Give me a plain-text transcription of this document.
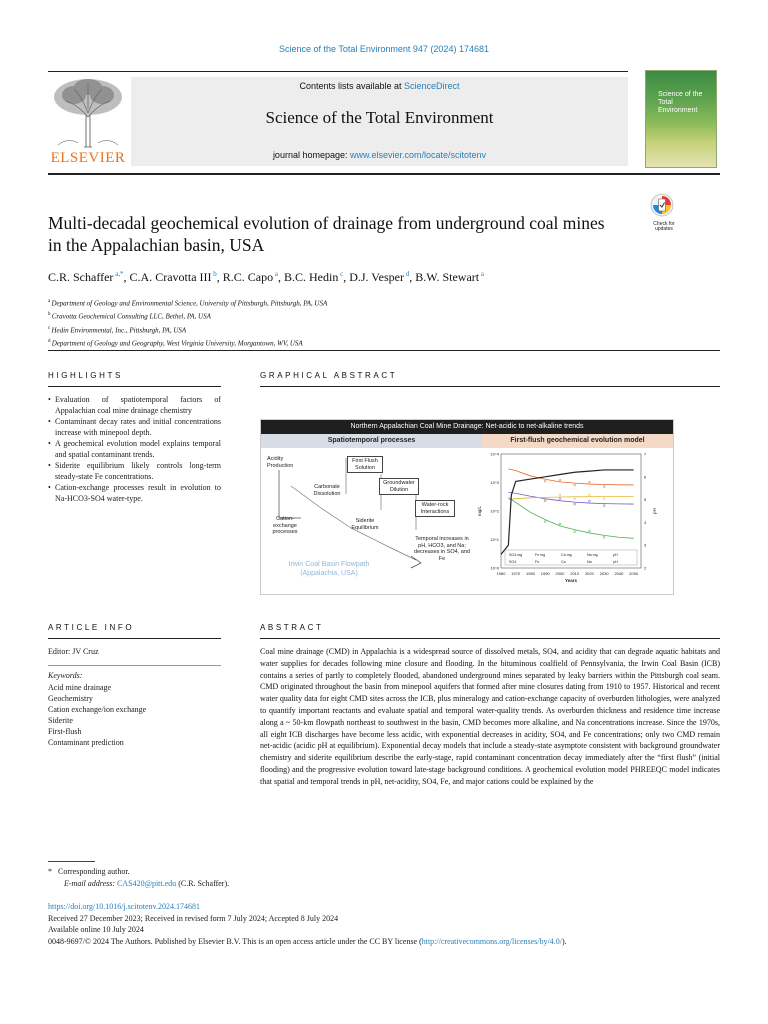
Science of the Total Environment 947 (2024) 174681
ELSEVIER
Contents lists available at ScienceDirect
Science of the Total Environment
journal homepage: www.elsevier.com/locate/scitotenv
Science of the Total Environment
Multi-decadal geochemical evolution of drainage from underground coal mines in the Appalachian basin, USA
Check for updates
C.R. Schaffer $^{a,*}$, C.A. Cravotta III $^b$, R.C. Capo $^a$, B.C. Hedin $^c$, D.J. Vesper $^d$, B.W. Stewart $^a$
$^a$ Department of Geology and Environmental Science, University of Pittsburgh, Pittsburgh, PA, USA
$^b$ Cravotta Geochemical Consulting LLC, Bethel, PA, USA
$^c$ Hedin Environmental, Inc., Pittsburgh, PA, USA
$^d$ Department of Geology and Geography, West Virginia University, Morgantown, WV, USA
HIGHLIGHTS
• Evaluation of spatiotemporal factors of Appalachian coal mine drainage chemistry
• Contaminant decay rates and initial concentrations increase with minepool depth.
• A geochemical evolution model explains temporal and spatial contaminant trends.
• Siderite equilibrium likely controls long-term steady-state Fe concentrations.
• Cation-exchange processes result in evolution to Na-HCO3-SO4 water-type.
GRAPHICAL ABSTRACT
Northern Appalachian Coal Mine Drainage: Net-acidic to net-alkaline trends
Spatiotemporal processes	First-flush geochemical evolution model
1960 1970 1980 1990 2000 2010 2020 2030 2040 2050
10^0
10^1
10^2
10^3
10^4
2
3
4
5
6
7
Years
mg/L	pH
SO4 mg	Fe mg	Ca mg	Na mg	pH
SO4	Fe	Ca	Na	pH
Acidity Production
First Flush Solution
Carbonate Dissolution
Groundwater Dilution
Water-rock Interactions
Cation-exchange processes
Siderite Equilibrium
Temporal increases in pH, HCO3, and Na; decreases in SO4, and Fe
Irwin Coal Basin Flowpath (Appalachia, USA)
ARTICLE INFO
Editor: JV Cruz
Keywords:
Acid mine drainage
Geochemistry
Cation exchange/ion exchange
Siderite
First-flush
Contaminant prediction
ABSTRACT
Coal mine drainage (CMD) in Appalachia is a widespread source of dissolved metals, SO4, and acidity that can degrade aquatic habitats and water supplies for decades following mine closure and flooding. In the bituminous coalfield of Pennsylvania, the Irwin Coal Basin (ICB) contains a series of partly to completely flooded, abandoned underground mines separated by leaky barriers within the Pittsburgh coal seam. CMD originated throughout the basin from minepool aquifers that formed after mine closures dating from 1910 to 1957. Historical and recent water quality data for eight CMD sites across the ICB, plus mineralogy and cation-exchange capacity of overburden lithologies, were analyzed to quantify important reactants and evaluate spatial and temporal water-quality trends. As overburden thickness and residence time increase along a ~ 50-km flowpath northeast to southwest in the basin, CMD becomes more alkaline, and Na concentrations increase. Since the 1970s, all eight ICB discharges have become less acidic, with exponential decreases in acidity, SO4, and Fe concentrations; only two CMD remain net-acidic (acidic pH at equilibrium). Exponential decay models that include a steady-state asymptote consistent with background groundwater chemistry and siderite equilibrium describe the early-stage, rapid contaminant concentration decay immediately after the “first flush” (initial flooding) and the progressive evolution toward late-stage background conditions. A geochemical evolution model PHREEQC model indicates that spatial and temporal trends in pH, net-acidity, SO4, Fe, and major cations could be explained by the
* Corresponding author.
E-mail address: CAS420@pitt.edu (C.R. Schaffer).
https://doi.org/10.1016/j.scitotenv.2024.174681
Received 27 December 2023; Received in revised form 7 July 2024; Accepted 8 July 2024
Available online 10 July 2024
0048-9697/© 2024 The Authors. Published by Elsevier B.V. This is an open access article under the CC BY license (http://creativecommons.org/licenses/by/4.0/).
